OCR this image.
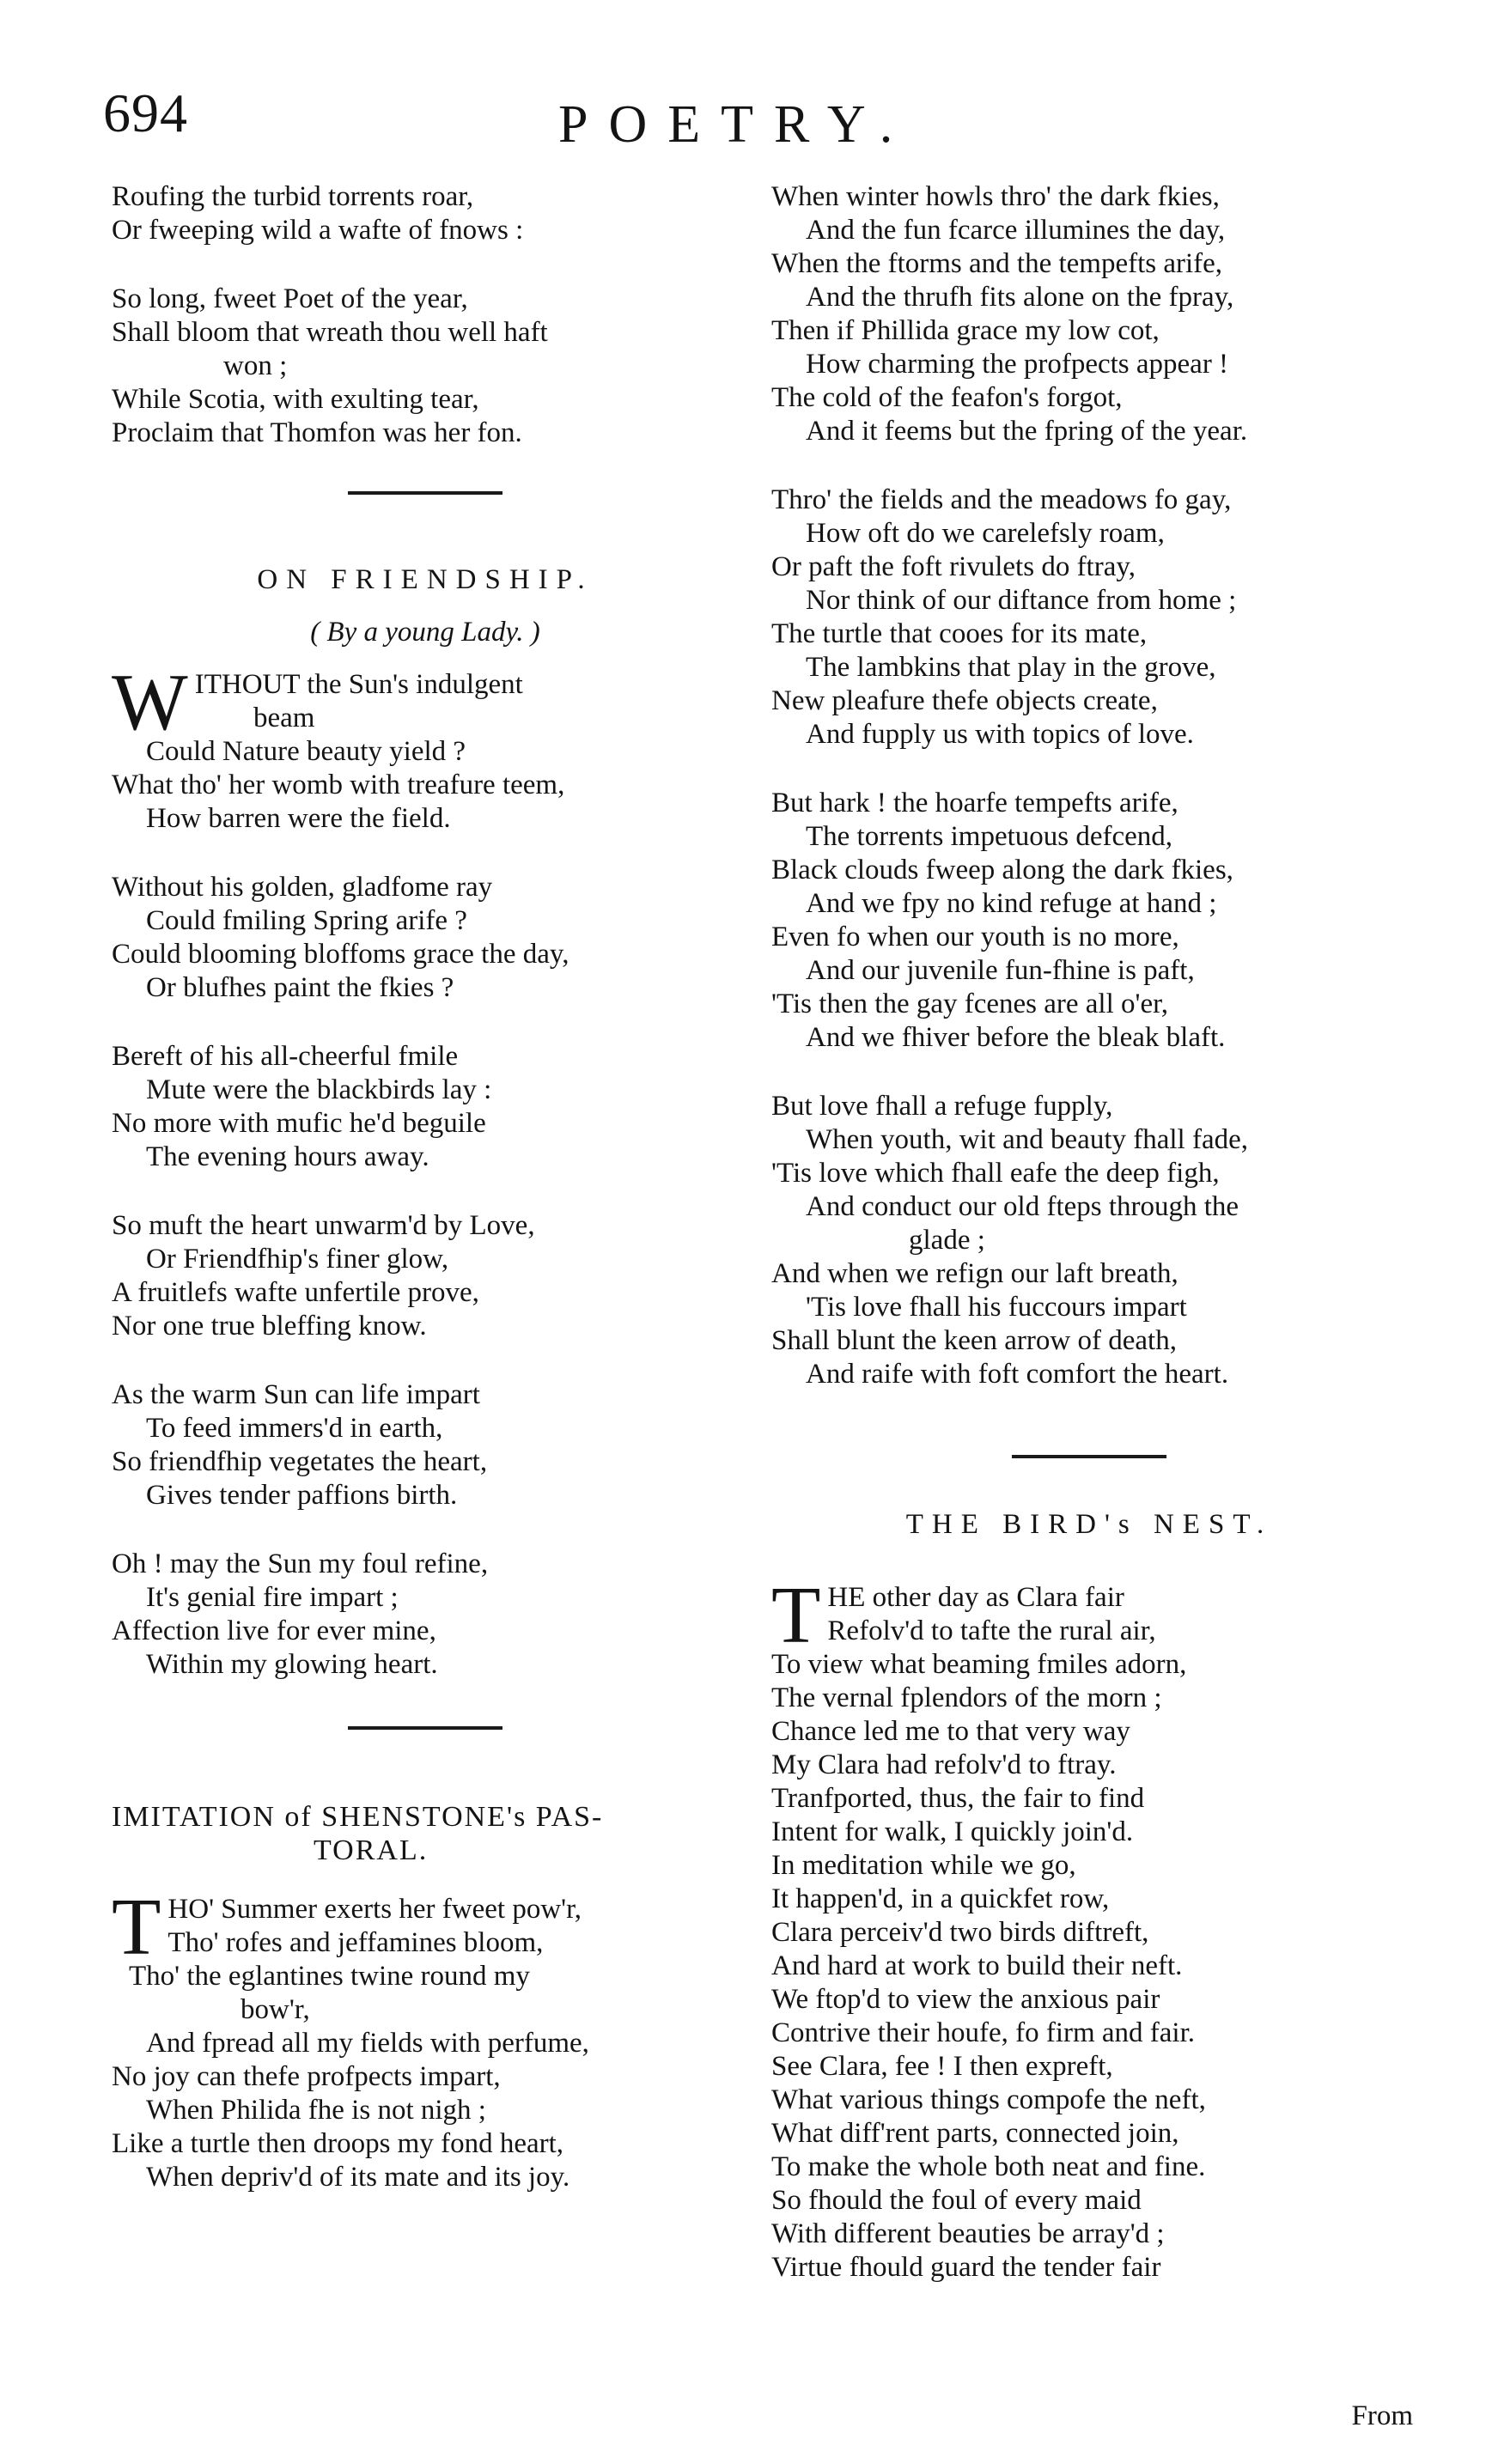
694	POETRY.
Roufing the turbid torrents roar,
Or fweeping wild a wafte of fnows :
So long, fweet Poet of the year,
Shall bloom that wreath thou well haft
won ;
While Scotia, with exulting tear,
Proclaim that Thomfon was her fon.
ON FRIENDSHIP.
( By a young Lady. )
W ITHOUT the Sun's indulgent
beam
Could Nature beauty yield ?
What tho' her womb with treafure teem,
How barren were the field.
Without his golden, gladfome ray
Could fmiling Spring arife ?
Could blooming bloffoms grace the day,
Or blufhes paint the fkies ?
Bereft of his all-cheerful fmile
Mute were the blackbirds lay :
No more with mufic he'd beguile
The evening hours away.
So muft the heart unwarm'd by Love,
Or Friendfhip's finer glow,
A fruitlefs wafte unfertile prove,
Nor one true bleffing know.
As the warm Sun can life impart
To feed immers'd in earth,
So friendfhip vegetates the heart,
Gives tender paffions birth.
Oh ! may the Sun my foul refine,
It's genial fire impart ;
Affection live for ever mine,
Within my glowing heart.
IMITATION of SHENSTONE's PAS-
TORAL.
T HO' Summer exerts her fweet pow'r,
Tho' rofes and jeffamines bloom,
Tho' the eglantines twine round my
bow'r,
And fpread all my fields with perfume,
No joy can thefe profpects impart,
When Philida fhe is not nigh ;
Like a turtle then droops my fond heart,
When depriv'd of its mate and its joy.
When winter howls thro' the dark fkies,
And the fun fcarce illumines the day,
When the ftorms and the tempefts arife,
And the thrufh fits alone on the fpray,
Then if Phillida grace my low cot,
How charming the profpects appear !
The cold of the feafon's forgot,
And it feems but the fpring of the year.
Thro' the fields and the meadows fo gay,
How oft do we carelefsly roam,
Or paft the foft rivulets do ftray,
Nor think of our diftance from home ;
The turtle that cooes for its mate,
The lambkins that play in the grove,
New pleafure thefe objects create,
And fupply us with topics of love.
But hark ! the hoarfe tempefts arife,
The torrents impetuous defcend,
Black clouds fweep along the dark fkies,
And we fpy no kind refuge at hand ;
Even fo when our youth is no more,
And our juvenile fun-fhine is paft,
'Tis then the gay fcenes are all o'er,
And we fhiver before the bleak blaft.
But love fhall a refuge fupply,
When youth, wit and beauty fhall fade,
'Tis love which fhall eafe the deep figh,
And conduct our old fteps through the
glade ;
And when we refign our laft breath,
'Tis love fhall his fuccours impart
Shall blunt the keen arrow of death,
And raife with foft comfort the heart.
THE BIRD's NEST.
T HE other day as Clara fair
Refolv'd to tafte the rural air,
To view what beaming fmiles adorn,
The vernal fplendors of the morn ;
Chance led me to that very way
My Clara had refolv'd to ftray.
Tranfported, thus, the fair to find
Intent for walk, I quickly join'd.
In meditation while we go,
It happen'd, in a quickfet row,
Clara perceiv'd two birds diftreft,
And hard at work to build their neft.
We ftop'd to view the anxious pair
Contrive their houfe, fo firm and fair.
See Clara, fee ! I then expreft,
What various things compofe the neft,
What diff'rent parts, connected join,
To make the whole both neat and fine.
So fhould the foul of every maid
With different beauties be array'd ;
Virtue fhould guard the tender fair
From
